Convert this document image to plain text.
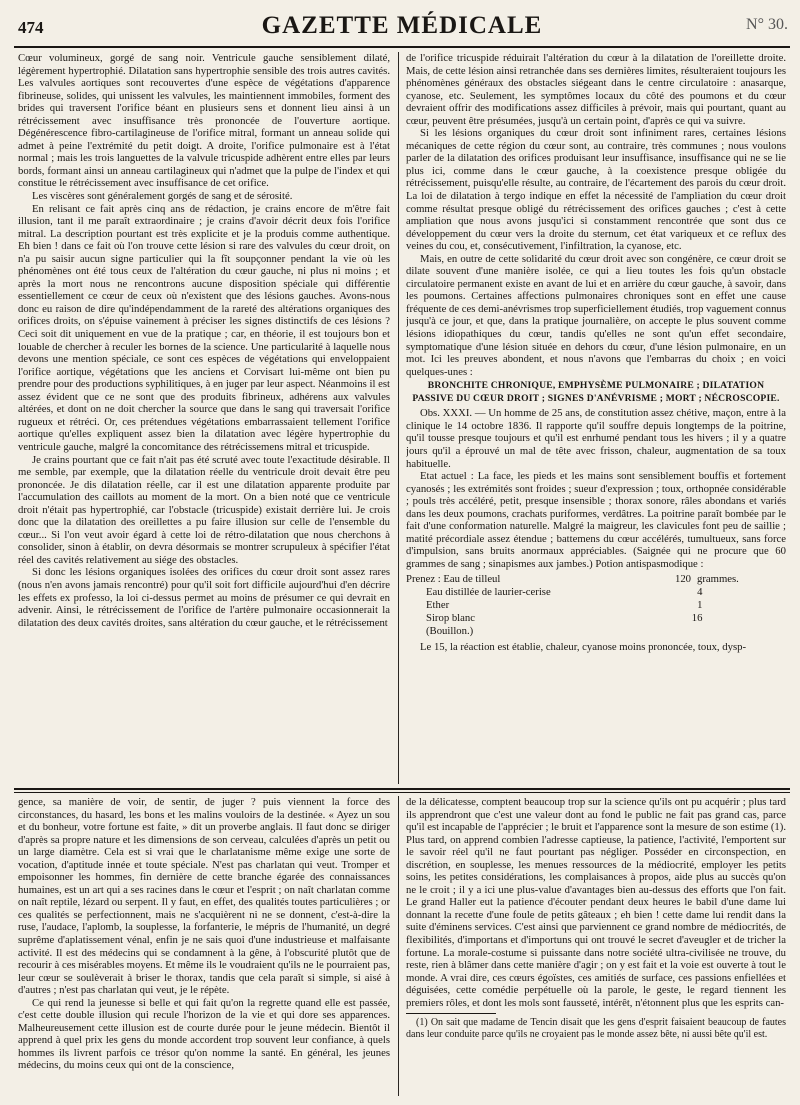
474	GAZETTE MÉDICALE	N° 30.

Cœur volumineux, gorgé de sang noir. Ventricule gauche sensiblement dilaté, légèrement hypertrophié. Dilatation sans hypertrophie sensible des trois autres cavités. Les valvules aortiques sont recouvertes d'une espèce de végétations d'apparence fibrineuse, solides, qui unissent les valvules, les maintiennent immobiles, forment des brides qui traversent l'orifice béant en plusieurs sens et donnent lieu ainsi à un rétrécissement avec insuffisance très prononcée de l'ouverture aortique. Dégénérescence fibro-cartilagineuse de l'orifice mitral, formant un anneau solide qui admet à peine l'extrémité du petit doigt. A droite, l'orifice pulmonaire est à l'état normal ; mais les trois languettes de la valvule tricuspide adhèrent entre elles par leurs bords, formant ainsi un anneau cartilagineux qui n'admet que la pulpe de l'index et qui constitue le rétrécissement avec insuffisance de cet orifice.

Les viscères sont généralement gorgés de sang et de sérosité.

En relisant ce fait après cinq ans de rédaction, je crains encore de m'être fait illusion, tant il me paraît extraordinaire ; je crains d'avoir décrit deux fois l'orifice mitral. La description pourtant est très explicite et je la produis comme authentique. Eh bien ! dans ce fait où l'on trouve cette lésion si rare des valvules du cœur droit, on n'a pu saisir aucun signe particulier qui la fît soupçonner pendant la vie où les phénomènes ont été tous ceux de l'altération du cœur gauche, ni plus ni moins ; et après la mort nous ne rencontrons aucune disposition spéciale qui différentie essentiellement ce cœur de ceux où n'existent que des lésions gauches. Avons-nous donc eu raison de dire qu'indépendamment de la rareté des altérations organiques des orifices droits, on s'épuise vainement à préciser les signes distinctifs de ces lésions ? Ceci soit dit uniquement en vue de la pratique ; car, en théorie, il est toujours bon et louable de chercher à reculer les bornes de la science. Une particularité à laquelle nous devons une mention spéciale, ce sont ces espèces de végétations qui enveloppaient l'orifice aortique, végétations que les anciens et Corvisart lui-même ont bien pu prendre pour des productions syphilitiques, à en juger par leur aspect. Néanmoins il est assez évident que ce ne sont que des produits fibrineux, adhérens aux valvules altérées, et dont on ne doit chercher la source que dans le sang qui traversait l'orifice rugueux et rétréci. Or, ces prétendues végétations embarrassaient tellement l'orifice aortique qu'elles expliquent assez bien la dilatation avec légère hypertrophie du ventricule gauche, malgré la concomitance des rétrécissemens mitral et tricuspide.

Je crains pourtant que ce fait n'ait pas été scruté avec toute l'exactitude désirable. Il me semble, par exemple, que la dilatation réelle du ventricule droit devait être peu prononcée. Je dis dilatation réelle, car il est une dilatation apparente produite par l'accumulation des caillots au moment de la mort. On a bien noté que ce ventricule droit n'était pas hypertrophié, car l'obstacle (tricuspide) existait derrière lui. Je crois donc que la dilatation des oreillettes a pu faire illusion sur celle de l'ensemble du cœur... Si l'on veut avoir égard à cette loi de rétro-dilatation que nous cherchons à consolider, sinon à établir, on devra désormais se montrer scrupuleux à spécifier l'état réel des cavités relativement au siége des obstacles.

Si donc les lésions organiques isolées des orifices du cœur droit sont assez rares (nous n'en avons jamais rencontré) pour qu'il soit fort difficile aujourd'hui d'en décrire les effets ex professo, la loi ci-dessus permet au moins de présumer ce qui devrait en advenir. Ainsi, le rétrécissement de l'orifice de l'artère pulmonaire occasionnerait la dilatation des deux cavités droites, sans altération du cœur gauche, et le rétrécissement

de l'orifice tricuspide réduirait l'altération du cœur à la dilatation de l'oreillette droite. Mais, de cette lésion ainsi retranchée dans ses dernières limites, résulteraient toujours les phénomènes généraux des obstacles siégeant dans le centre circulatoire : anasarque, cyanose, etc. Seulement, les symptômes locaux du côté des poumons et du cœur devraient offrir des modifications assez difficiles à prévoir, mais qui pourtant, quant au cœur, peuvent être présumées, jusqu'à un certain point, d'après ce qui va suivre.

Si les lésions organiques du cœur droit sont infiniment rares, certaines lésions mécaniques de cette région du cœur sont, au contraire, très communes ; nous voulons parler de la dilatation des orifices produisant leur insuffisance, insuffisance qui ne se lie plus ici, comme dans le cœur gauche, à la coexistence presque obligée du rétrécissement, puisqu'elle résulte, au contraire, de l'écartement des parois du cœur droit. La loi de dilatation à tergo indique en effet la nécessité de l'ampliation du cœur droit comme résultat presque obligé du rétrécissement des orifices gauches ; c'est à cette ampliation que nous avons jusqu'ici si constamment rencontrée que sont dus ce développement du cœur vers la droite du sternum, cet état variqueux et ce reflux des veines du cou, et, consécutivement, l'infiltration, la cyanose, etc.

Mais, en outre de cette solidarité du cœur droit avec son congénère, ce cœur droit se dilate souvent d'une manière isolée, ce qui a lieu toutes les fois qu'un obstacle circulatoire permanent existe en avant de lui et en arrière du cœur gauche, à savoir, dans les poumons. Certaines affections pulmonaires chroniques sont en effet une cause fréquente de ces demi-anévrismes trop superficiellement étudiés, trop vaguement connus jusqu'à ce jour, et que, dans la pratique journalière, on accepte le plus souvent comme lésions idiopathiques du cœur, tandis qu'elles ne sont qu'un effet secondaire, symptomatique d'une lésion située en dehors du cœur, d'une lésion pulmonaire, en un mot. Ici les preuves abondent, et nous n'avons que l'embarras du choix ; en voici quelques-unes :

BRONCHITE CHRONIQUE, EMPHYSÈME PULMONAIRE ; DILATATION PASSIVE DU CŒUR DROIT ; SIGNES D'ANÉVRISME ; MORT ; NÉCROSCOPIE.

Obs. XXXI. — Un homme de 25 ans, de constitution assez chétive, maçon, entre à la clinique le 14 octobre 1836. Il rapporte qu'il souffre depuis longtemps de la poitrine, qu'il tousse presque toujours et qu'il est enrhumé pendant tous les hivers ; il y a quatre jours qu'il a éprouvé un mal de tête avec frisson, chaleur, augmentation de sa toux habituelle.

Etat actuel : La face, les pieds et les mains sont sensiblement bouffis et fortement cyanosés ; les extrémités sont froides ; sueur d'expression ; toux, orthopnée considérable ; pouls très accéléré, petit, presque insensible ; thorax sonore, râles abondans et variés dans les deux poumons, crachats puriformes, verdâtres. La poitrine paraît bombée par le fait d'une conformation naturelle. Malgré la maigreur, les clavicules font peu de saillie ; matité précordiale assez étendue ; battemens du cœur accélérés, tumultueux, sans force d'impulsion, sans bruits anormaux appréciables. (Saignée qui ne procure que 60 grammes de sang ; sinapismes aux jambes.) Potion antispasmodique :

Prenez : Eau de tilleul	120 grammes.
Eau distillée de laurier-cerise	4
Ether	1
Sirop blanc	16
(Bouillon.)

Le 15, la réaction est établie, chaleur, cyanose moins prononcée, toux, dysp-

gence, sa manière de voir, de sentir, de juger ? puis viennent la force des circonstances, du hasard, les bons et les malins vouloirs de la destinée. « Ayez un sou et du bonheur, votre fortune est faite, » dit un proverbe anglais. Il faut donc se diriger d'après sa propre nature et les dimensions de son cerveau, calculées d'après un petit ou un large diamètre. Cela est si vrai que le charlatanisme même exige une sorte de vocation, d'aptitude innée et toute spéciale. N'est pas charlatan qui veut. Tromper et empoisonner les hommes, fin dernière de cette branche égarée des connaissances humaines, est un art qui a ses racines dans le cœur et l'esprit ; on naît charlatan comme on naît reptile, lézard ou serpent. Il y faut, en effet, des qualités toutes particulières ; or ces qualités se perfectionnent, mais ne s'acquièrent ni ne se donnent, c'est-à-dire la ruse, l'audace, l'aplomb, la souplesse, la forfanterie, le mépris de l'humanité, un degré suprême d'aplatissement vénal, enfin je ne sais quoi d'une industrieuse et malfaisante activité. Il est des médecins qui se condamnent à la gêne, à l'obscurité plutôt que de recourir à ces misérables moyens. Et même ils le voudraient qu'ils ne le pourraient pas, leur cœur se soulèverait à briser le thorax, tandis que cela paraît si simple, si aisé à d'autres ; n'est pas charlatan qui veut, je le répète.

Ce qui rend la jeunesse si belle et qui fait qu'on la regrette quand elle est passée, c'est cette double illusion qui recule l'horizon de la vie et qui dore ses apparences. Malheureusement cette illusion est de courte durée pour le jeune médecin. Bientôt il apprend à quel prix les gens du monde accordent trop souvent leur confiance, à quels hommes ils livrent parfois ce trésor qu'on nomme la santé. En général, les jeunes médecins, du moins ceux qui ont de la conscience,

de la délicatesse, comptent beaucoup trop sur la science qu'ils ont pu acquérir ; plus tard ils apprendront que c'est une valeur dont au fond le public ne fait pas grand cas, parce qu'il est incapable de l'apprécier ; le bruit et l'apparence sont la mesure de son estime (1). Plus tard, on apprend combien l'adresse captieuse, la patience, l'activité, l'emportent sur le savoir réel qu'il ne faut pourtant pas négliger. Posséder en circonspection, en discrétion, en souplesse, les menues ressources de la médiocrité, employer les petits soins, les petites considérations, les complaisances à propos, aide plus au succès qu'on ne le croit ; il y a ici une plus-value d'avantages bien au-dessus des efforts que l'on fait. Le grand Haller eut la patience d'écouter pendant deux heures le babil d'une dame lui donnant la recette d'une foule de petits gâteaux ; eh bien ! cette dame lui rendit dans la suite d'éminens services. C'est ainsi que parviennent ce grand nombre de médiocrités, de flexibilités, d'importans et d'importuns qui ont trouvé le secret d'aveugler et de tricher la fortune. La morale-costume si puissante dans notre société ultra-civilisée ne trouve, du reste, rien à blâmer dans cette manière d'agir ; on y est fait et la voie est ouverte à tout le monde. A vrai dire, ces cœurs égoïstes, ces amitiés de surface, ces passions enfiellées et déguisées, cette comédie perpétuelle où la parole, le geste, le regard tiennent les premiers rôles, et dont les mols sont fausseté, intérêt, n'étonnent plus que les esprits can-

(1) On sait que madame de Tencin disait que les gens d'esprit faisaient beaucoup de fautes dans leur conduite parce qu'ils ne croyaient pas le monde assez bête, ni aussi bête qu'il est.
